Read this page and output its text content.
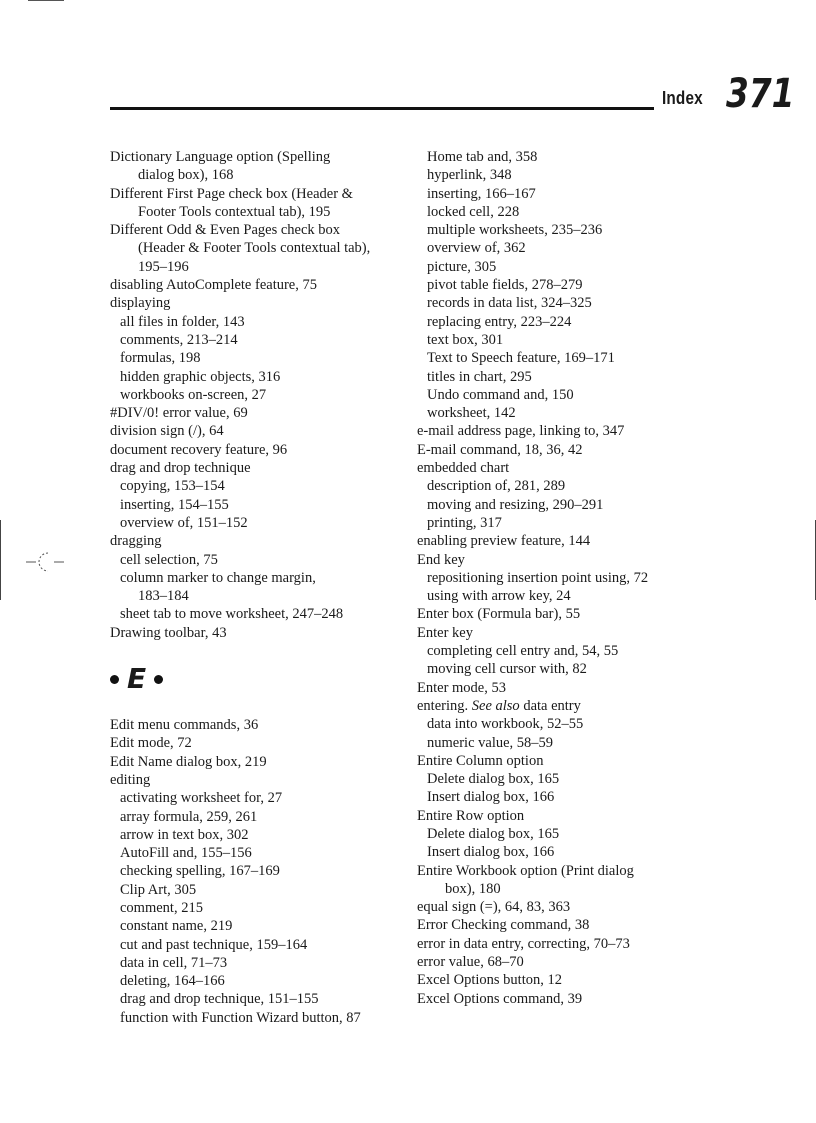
Index 371
Dictionary Language option (Spelling
dialog box), 168
Different First Page check box (Header &
Footer Tools contextual tab), 195
Different Odd & Even Pages check box
(Header & Footer Tools contextual tab),
195–196
disabling AutoComplete feature, 75
displaying
all files in folder, 143
comments, 213–214
formulas, 198
hidden graphic objects, 316
workbooks on-screen, 27
#DIV/0! error value, 69
division sign (/), 64
document recovery feature, 96
drag and drop technique
copying, 153–154
inserting, 154–155
overview of, 151–152
dragging
cell selection, 75
column marker to change margin,
183–184
sheet tab to move worksheet, 247–248
Drawing toolbar, 43
E
Edit menu commands, 36
Edit mode, 72
Edit Name dialog box, 219
editing
activating worksheet for, 27
array formula, 259, 261
arrow in text box, 302
AutoFill and, 155–156
checking spelling, 167–169
Clip Art, 305
comment, 215
constant name, 219
cut and past technique, 159–164
data in cell, 71–73
deleting, 164–166
drag and drop technique, 151–155
function with Function Wizard button, 87
Home tab and, 358
hyperlink, 348
inserting, 166–167
locked cell, 228
multiple worksheets, 235–236
overview of, 362
picture, 305
pivot table fields, 278–279
records in data list, 324–325
replacing entry, 223–224
text box, 301
Text to Speech feature, 169–171
titles in chart, 295
Undo command and, 150
worksheet, 142
e-mail address page, linking to, 347
E-mail command, 18, 36, 42
embedded chart
description of, 281, 289
moving and resizing, 290–291
printing, 317
enabling preview feature, 144
End key
repositioning insertion point using, 72
using with arrow key, 24
Enter box (Formula bar), 55
Enter key
completing cell entry and, 54, 55
moving cell cursor with, 82
Enter mode, 53
entering. See also data entry
data into workbook, 52–55
numeric value, 58–59
Entire Column option
Delete dialog box, 165
Insert dialog box, 166
Entire Row option
Delete dialog box, 165
Insert dialog box, 166
Entire Workbook option (Print dialog
box), 180
equal sign (=), 64, 83, 363
Error Checking command, 38
error in data entry, correcting, 70–73
error value, 68–70
Excel Options button, 12
Excel Options command, 39
